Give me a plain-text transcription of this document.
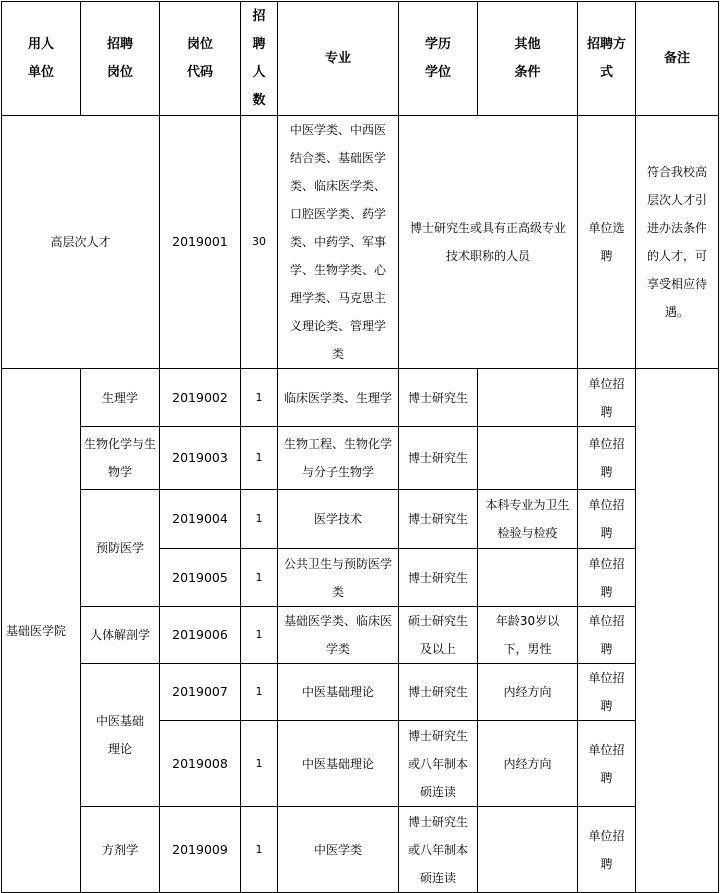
用人单位	招聘岗位	岗位代码	招聘人数	专业	学历学位	其他条件	招聘方式	备注
高层次人才		2019001	30	中医学类、中西医结合类、基础医学类、临床医学类、口腔医学类、药学类、中药学、军事学、生物学类、心理学类、马克思主义理论类、管理学类	博士研究生或具有正高级专业技术职称的人员		单位选聘	符合我校高层次人才引进办法条件的人才，可享受相应待遇。
基础医学院	生理学	2019002	1	临床医学类、生理学	博士研究生		单位招聘	
	生物化学与生物学	2019003	1	生物工程、生物化学与分子生物学	博士研究生		单位招聘	
	预防医学	2019004	1	医学技术	博士研究生	本科专业为卫生检验与检疫	单位招聘	
		2019005	1	公共卫生与预防医学类	博士研究生		单位招聘	
	人体解剖学	2019006	1	基础医学类、临床医学类	硕士研究生及以上	年龄30岁以下，男性	单位招聘	
	中医基础理论	2019007	1	中医基础理论	博士研究生	内经方向	单位招聘	
		2019008	1	中医基础理论	博士研究生或八年制本硕连读	内经方向	单位招聘	
	方剂学	2019009	1	中医学类	博士研究生或八年制本硕连读		单位招聘	
